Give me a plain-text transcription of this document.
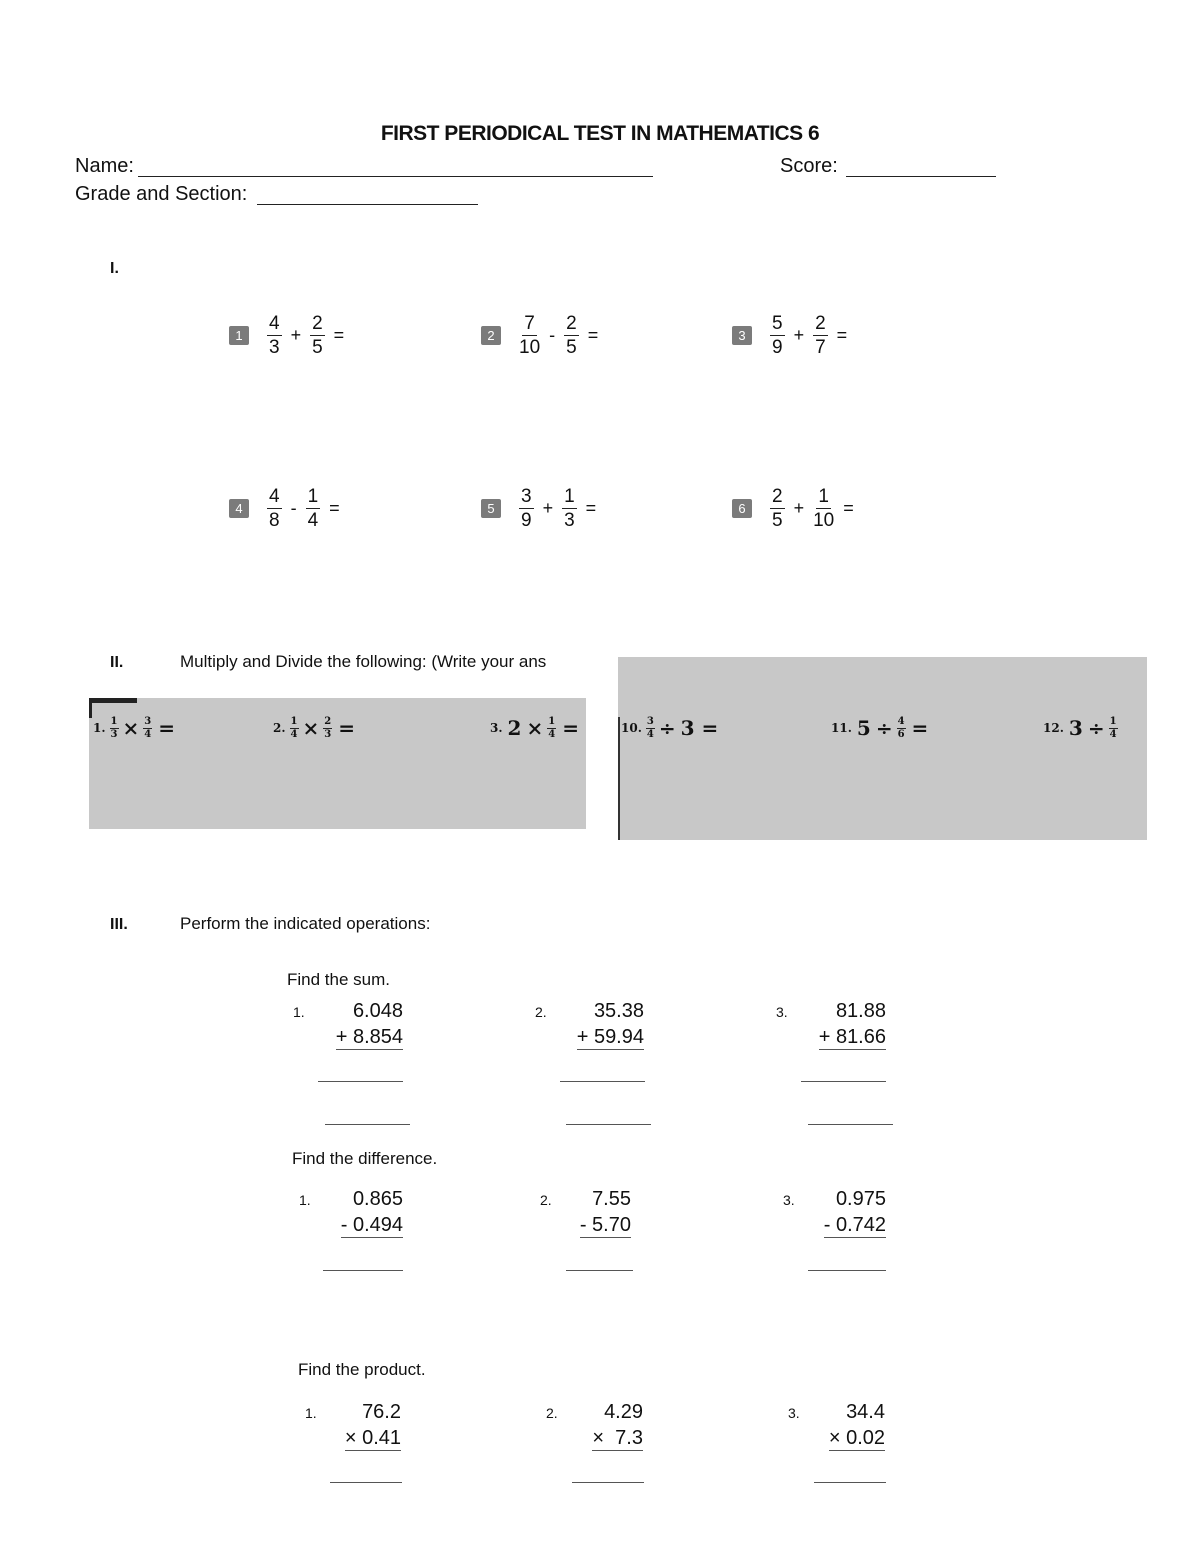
FIRST PERIODICAL TEST IN MATHEMATICS 6
Name:	Score:
Grade and Section:
I.
1	$\frac{4}{3} + \frac{2}{5}$ =	2	$\frac{7}{10} - \frac{2}{5}$ =	3	$\frac{5}{9} + \frac{2}{7}$ =
4	$\frac{4}{8} - \frac{1}{4}$ =	5	$\frac{3}{9} + \frac{1}{3}$ =	6	$\frac{2}{5} + \frac{1}{10}$ =
II.	Multiply and Divide the following: (Write your ans
1. $\frac{1}{3} \times \frac{3}{4}$ =	2. $\frac{1}{4} \times \frac{2}{3}$ =	3. $2 \times \frac{1}{4}$ =	10. $\frac{3}{4} \div 3$ =	11. $5 \div \frac{4}{6}$ =	12. $3 \div \frac{1}{4}$
III.	Perform the indicated operations:
Find the sum.
Find the difference.
Find the product.
1. 6.048
+ 8.854
2. 35.38
+ 59.94
3. 81.88
+ 81.66
1. 0.865
- 0.494
2. 7.55
- 5.70
3. 0.975
- 0.742
1. 76.2
× 0.41
2. 4.29
×  7.3
3. 34.4
× 0.02
